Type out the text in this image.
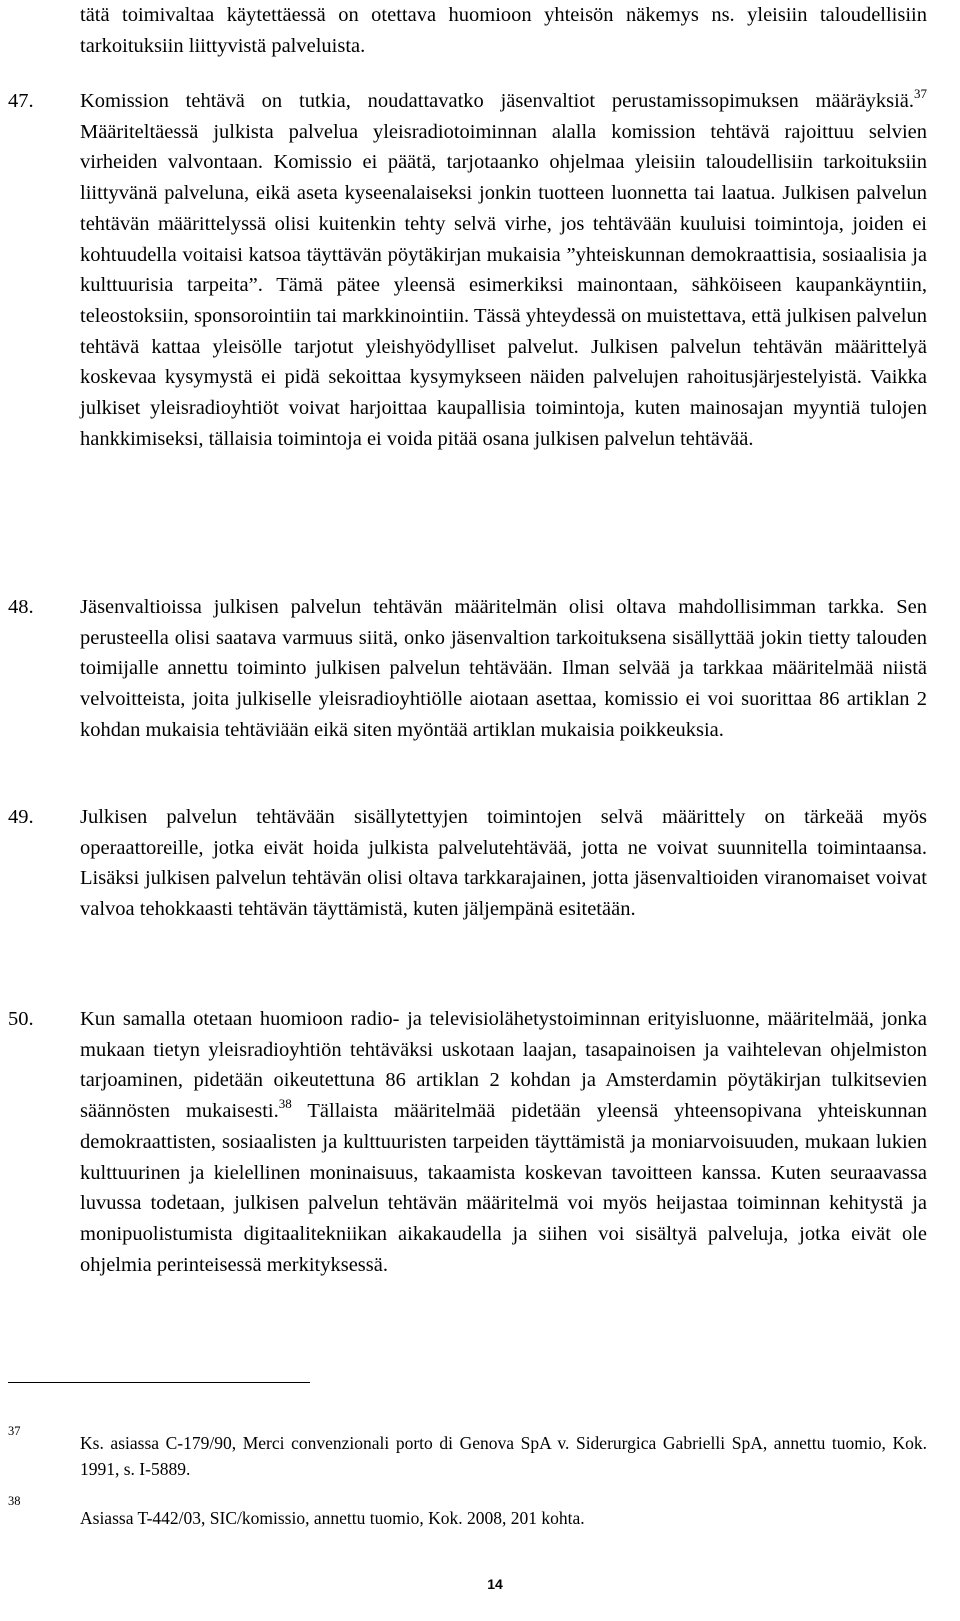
tätä toimivaltaa käytettäessä on otettava huomioon yhteisön näkemys ns. yleisiin taloudellisiin tarkoituksiin liittyvistä palveluista.
47. Komission tehtävä on tutkia, noudattavatko jäsenvaltiot perustamissopimuksen määräyksiä.$^{37}$ Määriteltäessä julkista palvelua yleisradiotoiminnan alalla komission tehtävä rajoittuu selvien virheiden valvontaan. Komissio ei päätä, tarjotaanko ohjelmaa yleisiin taloudellisiin tarkoituksiin liittyvänä palveluna, eikä aseta kyseenalaiseksi jonkin tuotteen luonnetta tai laatua. Julkisen palvelun tehtävän määrittelyssä olisi kuitenkin tehty selvä virhe, jos tehtävään kuuluisi toimintoja, joiden ei kohtuudella voitaisi katsoa täyttävän pöytäkirjan mukaisia ”yhteiskunnan demokraattisia, sosiaalisia ja kulttuurisia tarpeita”. Tämä pätee yleensä esimerkiksi mainontaan, sähköiseen kaupankäyntiin, teleostoksiin, sponsorointiin tai markkinointiin. Tässä yhteydessä on muistettava, että julkisen palvelun tehtävä kattaa yleisölle tarjotut yleishyödylliset palvelut. Julkisen palvelun tehtävän määrittelyä koskevaa kysymystä ei pidä sekoittaa kysymykseen näiden palvelujen rahoitusjärjestelyistä. Vaikka julkiset yleisradioyhtiöt voivat harjoittaa kaupallisia toimintoja, kuten mainosajan myyntiä tulojen hankkimiseksi, tällaisia toimintoja ei voida pitää osana julkisen palvelun tehtävää.
48. Jäsenvaltioissa julkisen palvelun tehtävän määritelmän olisi oltava mahdollisimman tarkka. Sen perusteella olisi saatava varmuus siitä, onko jäsenvaltion tarkoituksena sisällyttää jokin tietty talouden toimijalle annettu toiminto julkisen palvelun tehtävään. Ilman selvää ja tarkkaa määritelmää niistä velvoitteista, joita julkiselle yleisradioyhtiölle aiotaan asettaa, komissio ei voi suorittaa 86 artiklan 2 kohdan mukaisia tehtäviään eikä siten myöntää artiklan mukaisia poikkeuksia.
49. Julkisen palvelun tehtävään sisällytettyjen toimintojen selvä määrittely on tärkeää myös operaattoreille, jotka eivät hoida julkista palvelutehtävää, jotta ne voivat suunnitella toimintaansa. Lisäksi julkisen palvelun tehtävän olisi oltava tarkkarajainen, jotta jäsenvaltioiden viranomaiset voivat valvoa tehokkaasti tehtävän täyttämistä, kuten jäljempänä esitetään.
50. Kun samalla otetaan huomioon radio- ja televisiolähetystoiminnan erityisluonne, määritelmää, jonka mukaan tietyn yleisradioyhtiön tehtäväksi uskotaan laajan, tasapainoisen ja vaihtelevan ohjelmiston tarjoaminen, pidetään oikeutettuna 86 artiklan 2 kohdan ja Amsterdamin pöytäkirjan tulkitsevien säännösten mukaisesti.$^{38}$ Tällaista määritelmää pidetään yleensä yhteensopivana yhteiskunnan demokraattisten, sosiaalisten ja kulttuuristen tarpeiden täyttämistä ja moniarvoisuuden, mukaan lukien kulttuurinen ja kielellinen moninaisuus, takaamista koskevan tavoitteen kanssa. Kuten seuraavassa luvussa todetaan, julkisen palvelun tehtävän määritelmä voi myös heijastaa toiminnan kehitystä ja monipuolistumista digitaalitekniikan aikakaudella ja siihen voi sisältyä palveluja, jotka eivät ole ohjelmia perinteisessä merkityksessä.
37
Ks. asiassa C-179/90, Merci convenzionali porto di Genova SpA v. Siderurgica Gabrielli SpA, annettu tuomio, Kok. 1991, s. I-5889.
38
Asiassa T-442/03, SIC/komissio, annettu tuomio, Kok. 2008, 201 kohta.
14
